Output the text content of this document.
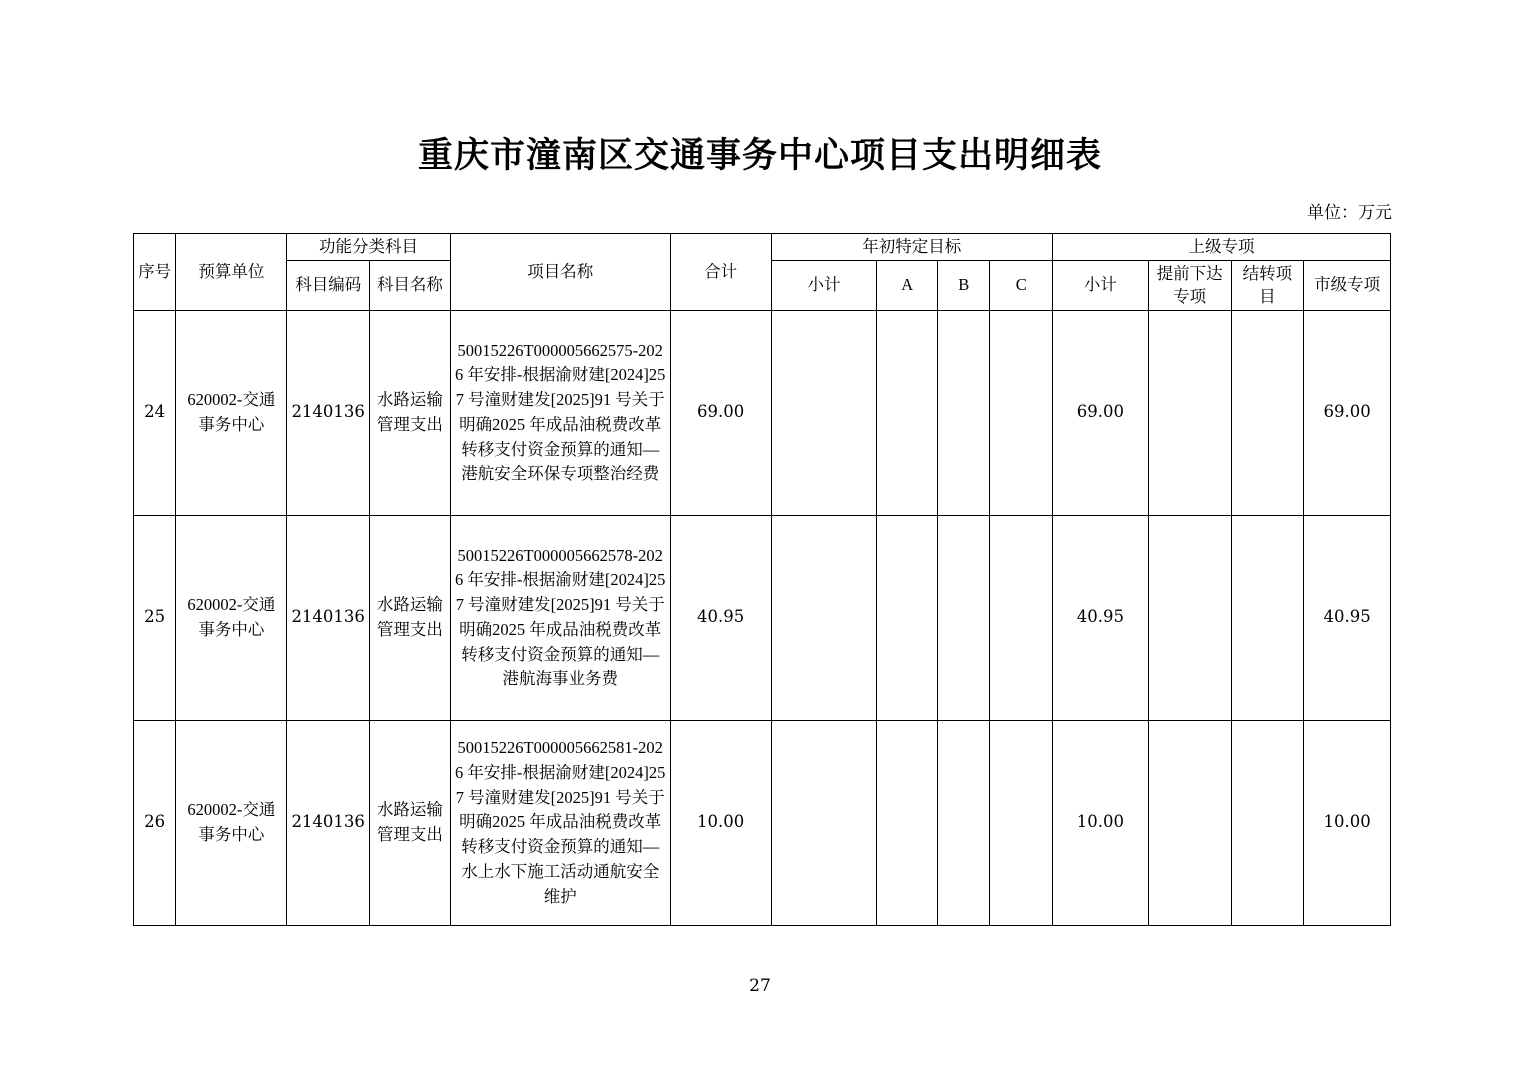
重庆市潼南区交通事务中心项目支出明细表
单位：万元
序号	预算单位	功能分类科目		项目名称	合计	年初特定目标				上级专项			
		科目编码	科目名称			小计	A	B	C	小计	提前下达专项	结转项目	市级专项
24	620002-交通事务中心	2140136	水路运输管理支出	50015226T000005662575-2026 年安排-根据渝财建[2024]257 号潼财建发[2025]91 号关于明确2025 年成品油税费改革转移支付资金预算的通知—港航安全环保专项整治经费	69.00					69.00			69.00
25	620002-交通事务中心	2140136	水路运输管理支出	50015226T000005662578-2026 年安排-根据渝财建[2024]257 号潼财建发[2025]91 号关于明确2025 年成品油税费改革转移支付资金预算的通知—港航海事业务费	40.95					40.95			40.95
26	620002-交通事务中心	2140136	水路运输管理支出	50015226T000005662581-2026 年安排-根据渝财建[2024]257 号潼财建发[2025]91 号关于明确2025 年成品油税费改革转移支付资金预算的通知—水上水下施工活动通航安全维护	10.00					10.00			10.00
27
